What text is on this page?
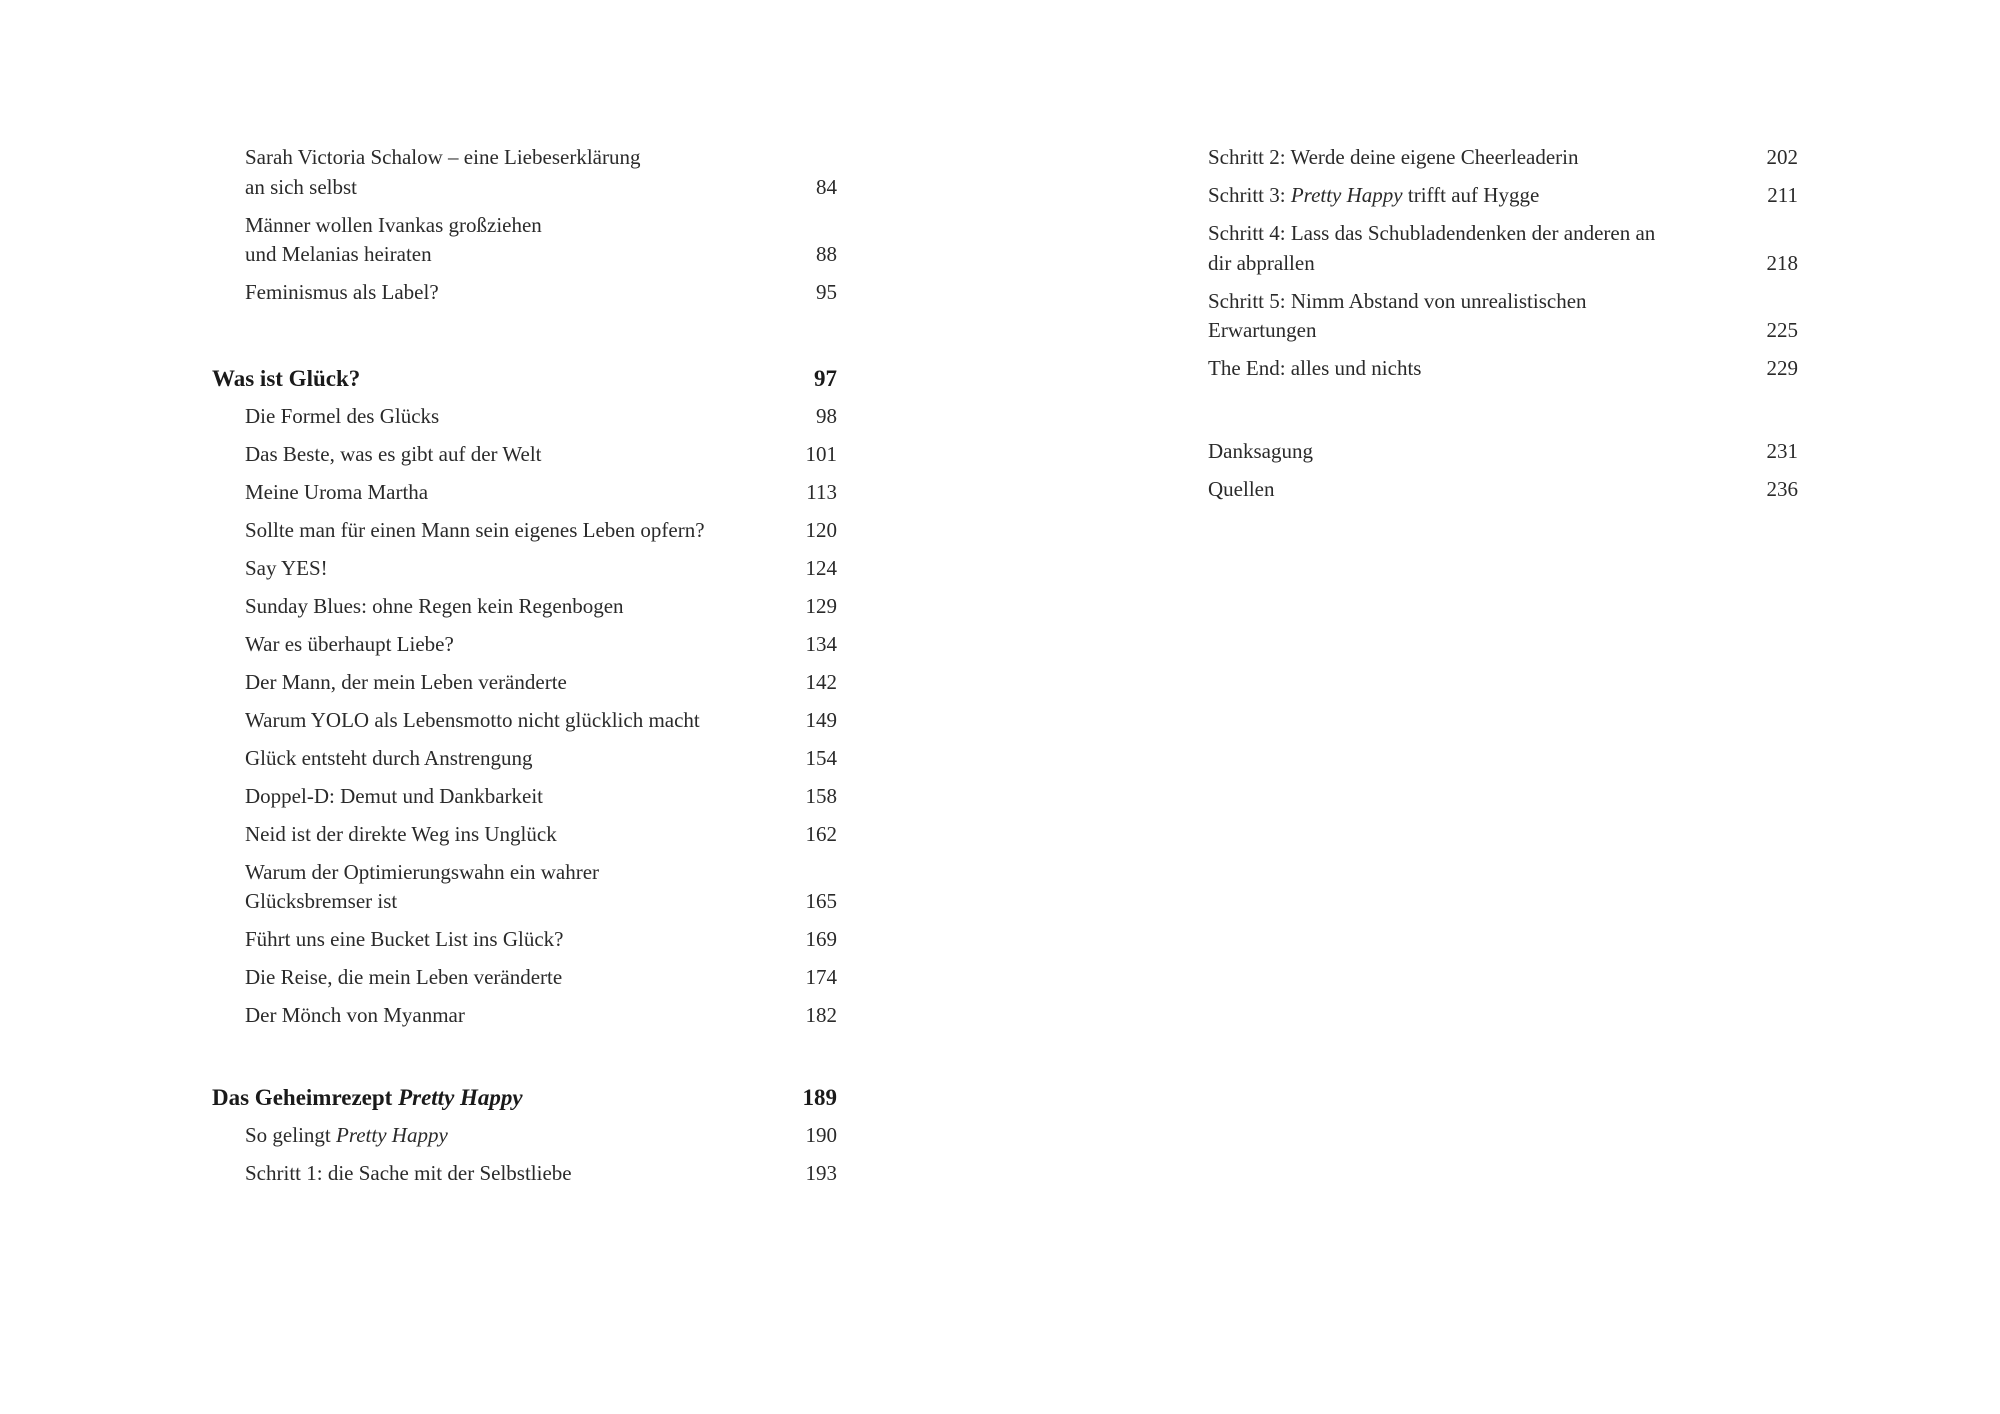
Sarah Victoria Schalow – eine Liebeserklärung
an sich selbst	84
Männer wollen Ivankas großziehen
und Melanias heiraten	88
Feminismus als Label?	95
Was ist Glück?	97
Die Formel des Glücks	98
Das Beste, was es gibt auf der Welt	101
Meine Uroma Martha	113
Sollte man für einen Mann sein eigenes Leben opfern?	120
Say YES!	124
Sunday Blues: ohne Regen kein Regenbogen	129
War es überhaupt Liebe?	134
Der Mann, der mein Leben veränderte	142
Warum YOLO als Lebensmotto nicht glücklich macht	149
Glück entsteht durch Anstrengung	154
Doppel-D: Demut und Dankbarkeit	158
Neid ist der direkte Weg ins Unglück	162
Warum der Optimierungswahn ein wahrer
Glücksbremser ist	165
Führt uns eine Bucket List ins Glück?	169
Die Reise, die mein Leben veränderte	174
Der Mönch von Myanmar	182
Das Geheimrezept Pretty Happy	189
So gelingt Pretty Happy	190
Schritt 1: die Sache mit der Selbstliebe	193
Schritt 2: Werde deine eigene Cheerleaderin	202
Schritt 3: Pretty Happy trifft auf Hygge	211
Schritt 4: Lass das Schubladendenken der anderen an
dir abprallen	218
Schritt 5: Nimm Abstand von unrealistischen
Erwartungen	225
The End: alles und nichts	229
Danksagung	231
Quellen	236
